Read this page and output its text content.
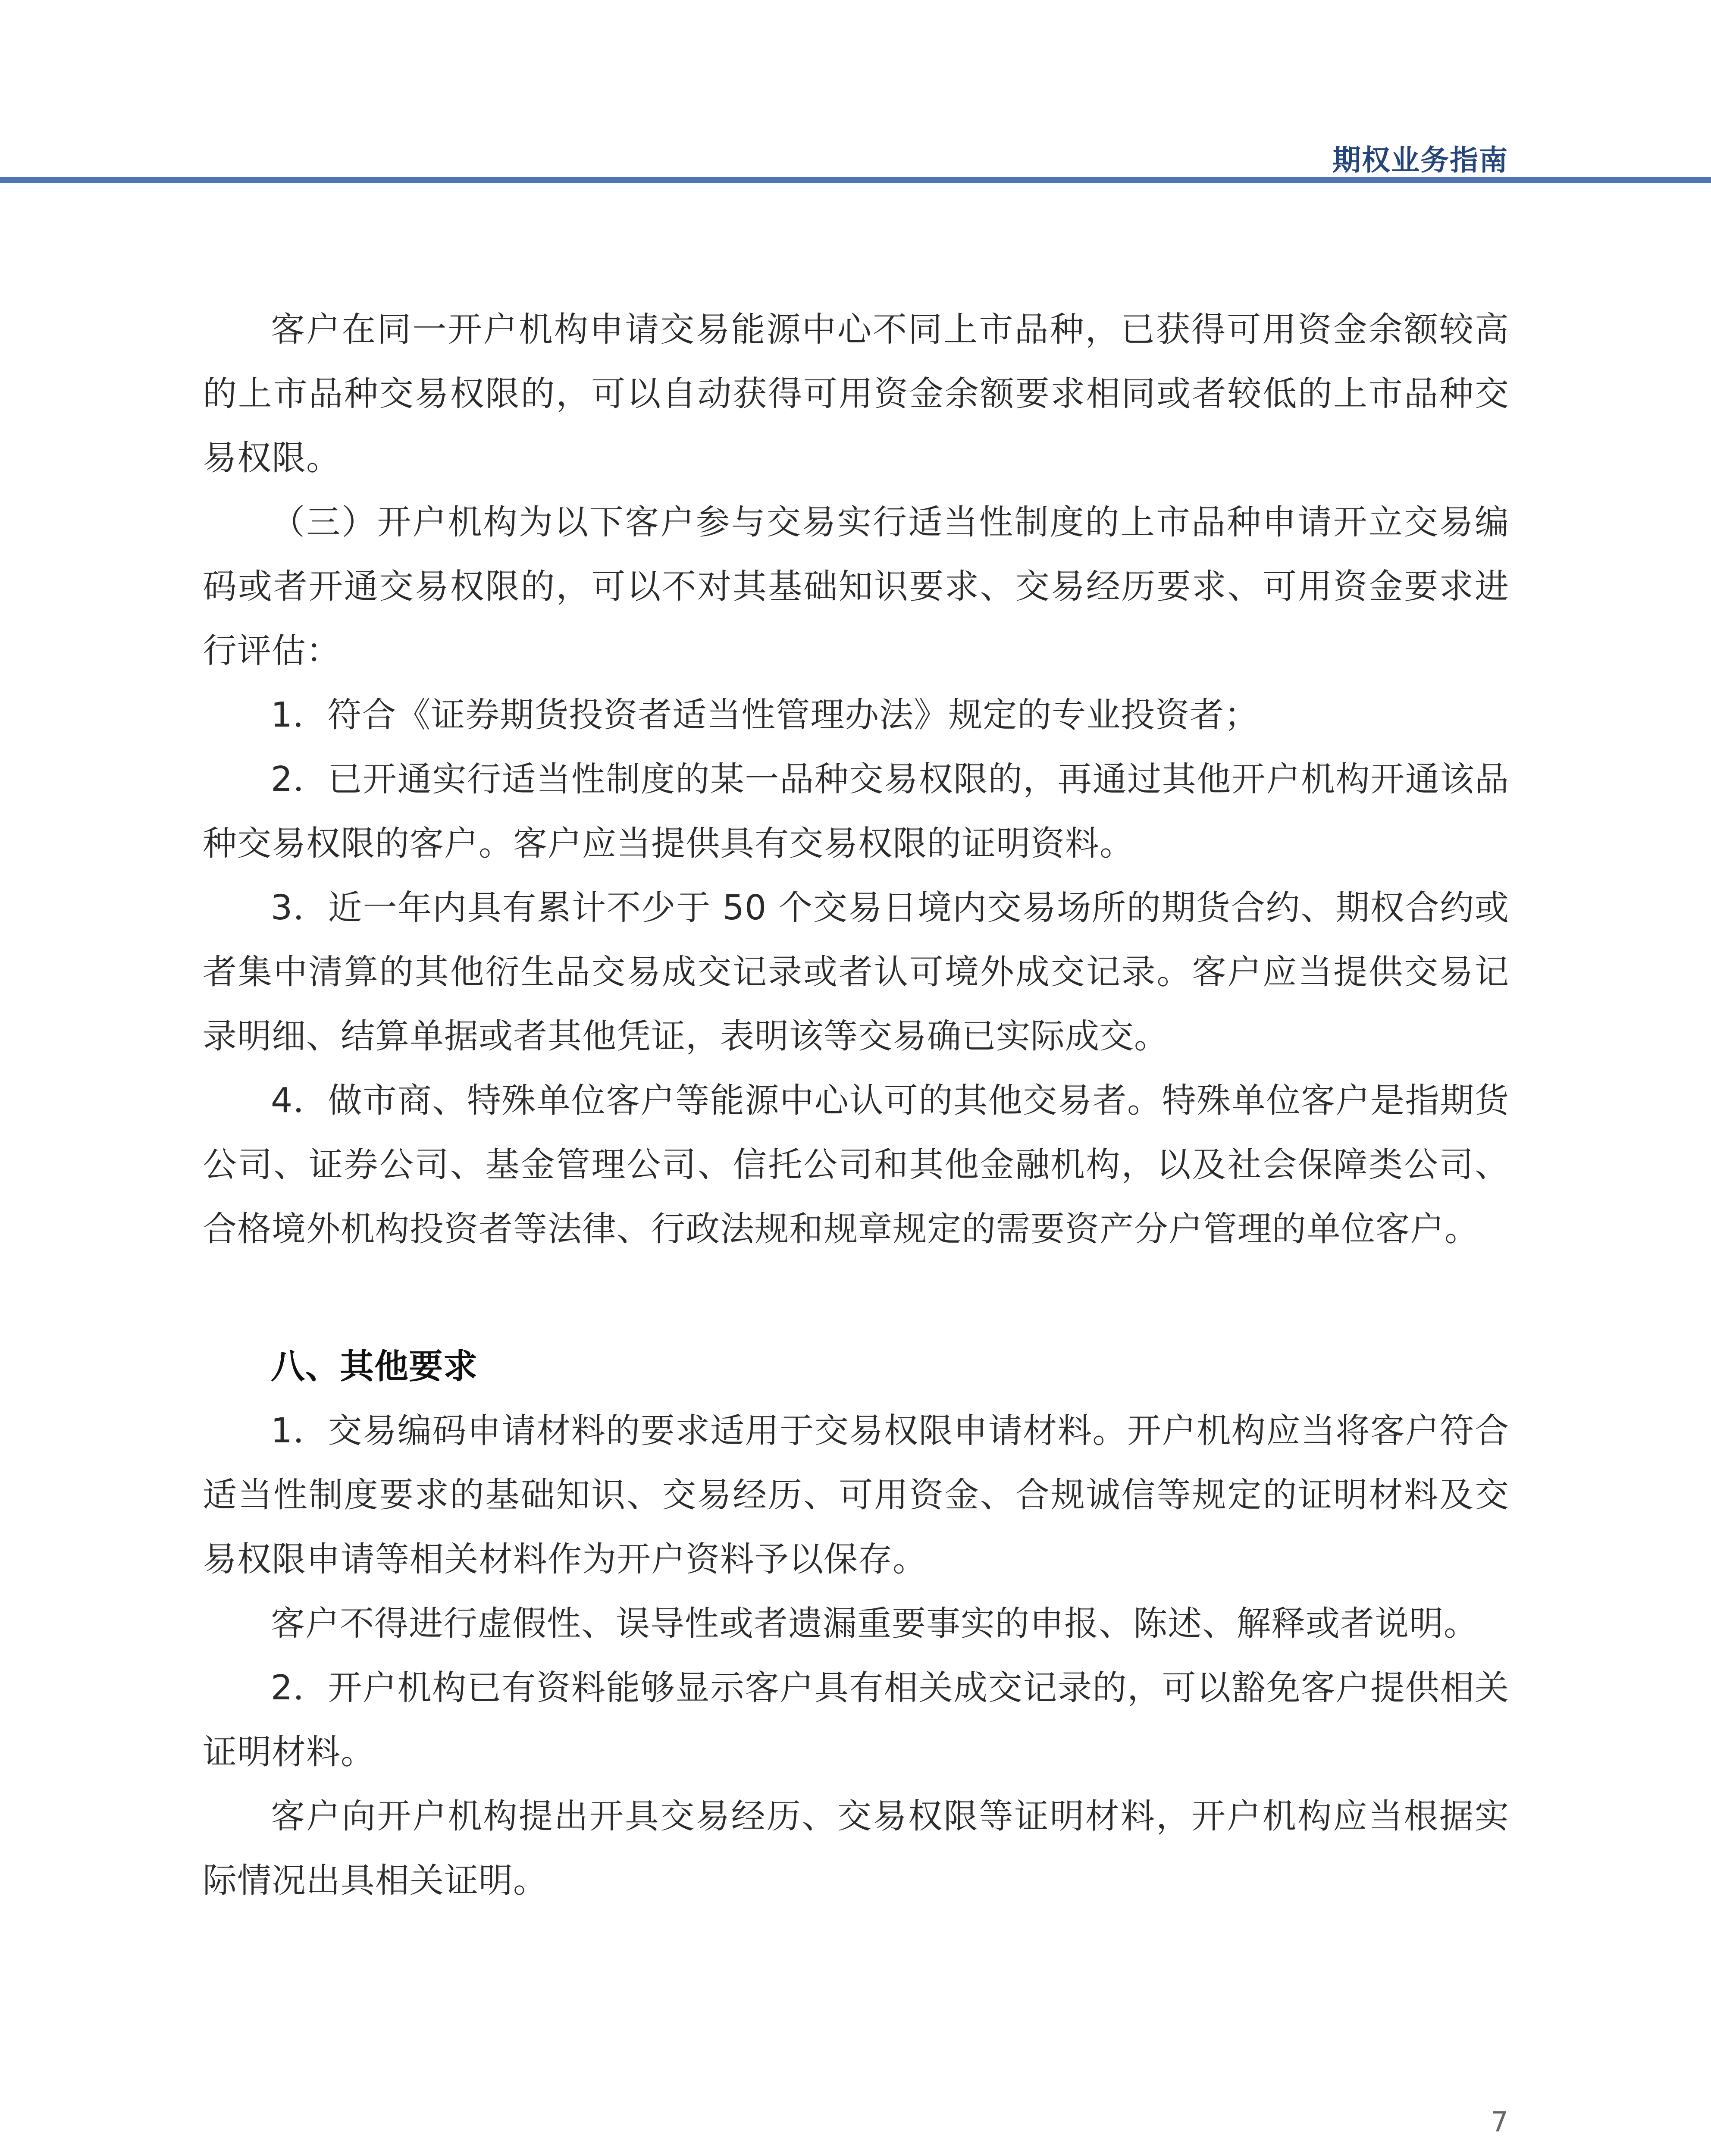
期权业务指南

客户在同一开户机构申请交易能源中心不同上市品种，已获得可用资金余额较高的上市品种交易权限的，可以自动获得可用资金余额要求相同或者较低的上市品种交易权限。

（三）开户机构为以下客户参与交易实行适当性制度的上市品种申请开立交易编码或者开通交易权限的，可以不对其基础知识要求、交易经历要求、可用资金要求进行评估：

1．符合《证券期货投资者适当性管理办法》规定的专业投资者；

2．已开通实行适当性制度的某一品种交易权限的，再通过其他开户机构开通该品种交易权限的客户。客户应当提供具有交易权限的证明资料。

3．近一年内具有累计不少于 50 个交易日境内交易场所的期货合约、期权合约或者集中清算的其他衍生品交易成交记录或者认可境外成交记录。客户应当提供交易记录明细、结算单据或者其他凭证，表明该等交易确已实际成交。

4．做市商、特殊单位客户等能源中心认可的其他交易者。特殊单位客户是指期货公司、证券公司、基金管理公司、信托公司和其他金融机构，以及社会保障类公司、合格境外机构投资者等法律、行政法规和规章规定的需要资产分户管理的单位客户。

八、其他要求

1．交易编码申请材料的要求适用于交易权限申请材料。开户机构应当将客户符合适当性制度要求的基础知识、交易经历、可用资金、合规诚信等规定的证明材料及交易权限申请等相关材料作为开户资料予以保存。

客户不得进行虚假性、误导性或者遗漏重要事实的申报、陈述、解释或者说明。

2．开户机构已有资料能够显示客户具有相关成交记录的，可以豁免客户提供相关证明材料。

客户向开户机构提出开具交易经历、交易权限等证明材料，开户机构应当根据实际情况出具相关证明。

7
